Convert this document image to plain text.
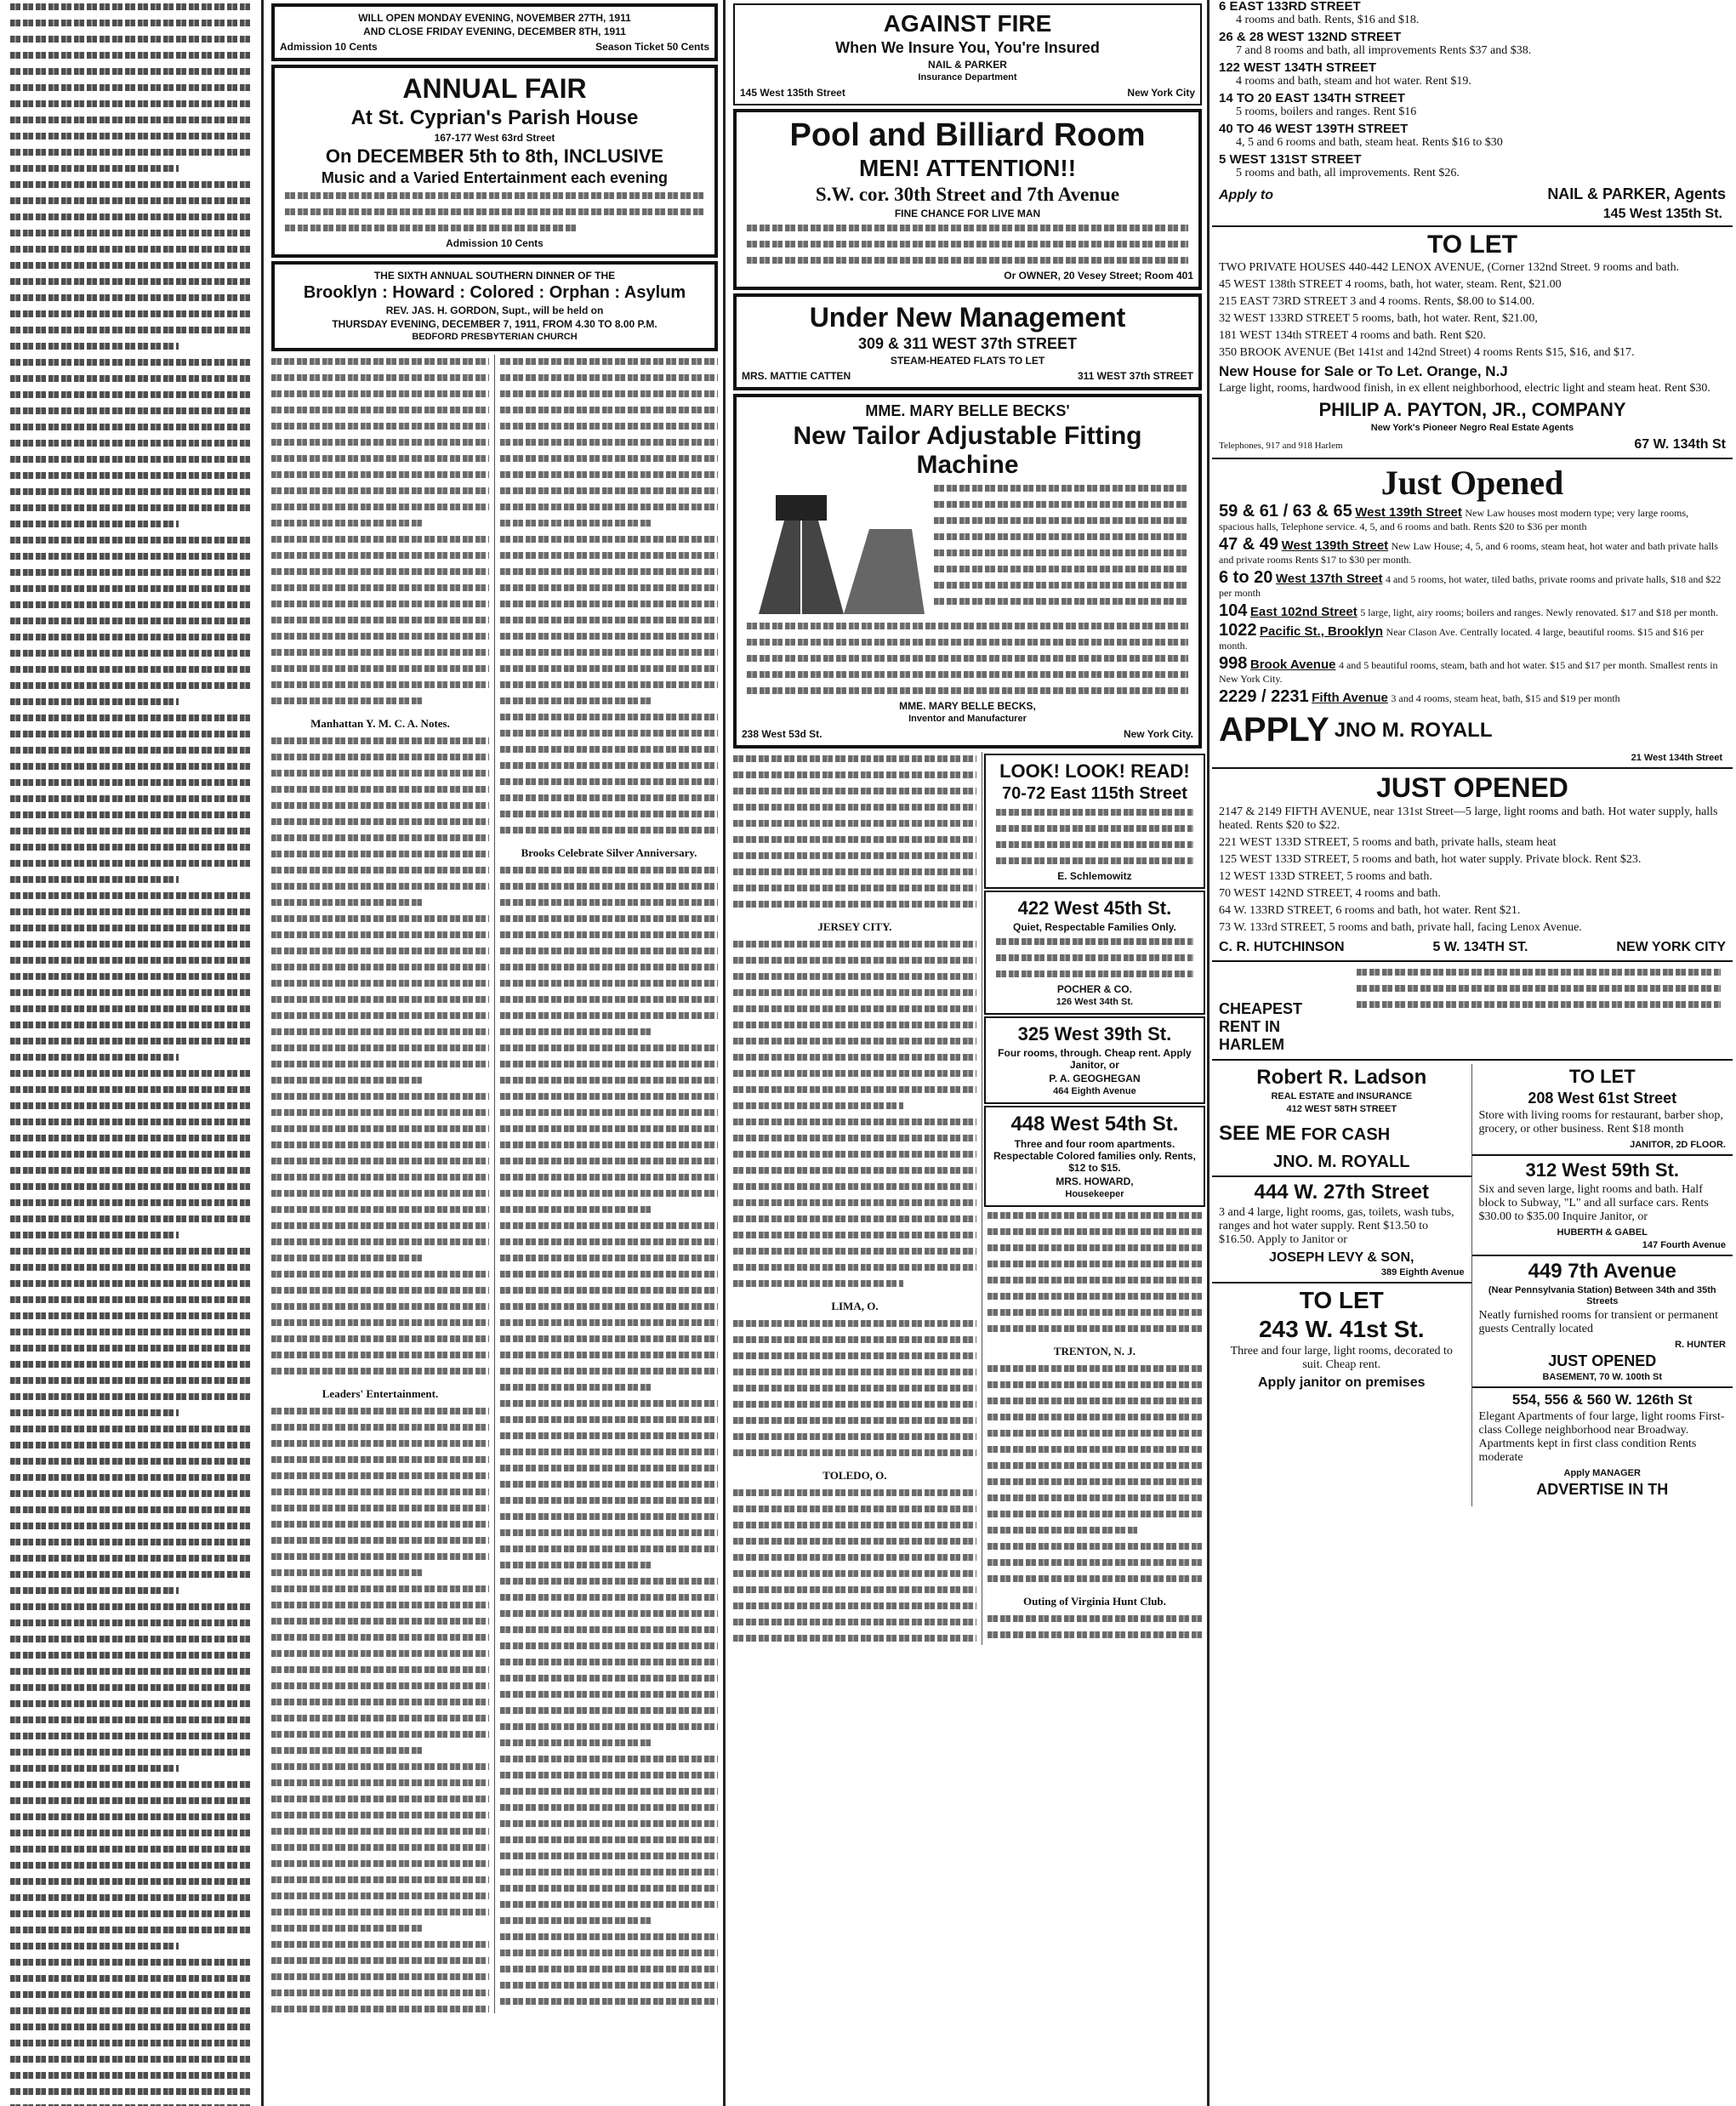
WILL OPEN MONDAY EVENING, NOVEMBER 27TH, 1911
AND CLOSE FRIDAY EVENING, DECEMBER 8TH, 1911
Admission 10 Cents	Season Ticket 50 Cents
ANNUAL FAIR
At St. Cyprian's Parish House
167-177 West 63rd Street
On DECEMBER 5th to 8th, INCLUSIVE
Music and a Varied Entertainment each evening
Admission 10 Cents
THE SIXTH ANNUAL SOUTHERN DINNER OF THE
Brooklyn : Howard : Colored : Orphan : Asylum
REV. JAS. H. GORDON, Supt., will be held on
THURSDAY EVENING, DECEMBER 7, 1911, FROM 4.30 TO 8.00 P.M.
BEDFORD PRESBYTERIAN CHURCH
Manhattan Y. M. C. A. Notes.
Leaders' Entertainment.
Brooks Celebrate Silver Anniversary.
AGAINST FIRE
When We Insure You, You're Insured
NAIL & PARKER
Insurance Department
145 West 135th Street	New York City
Pool and Billiard Room
MEN! ATTENTION!!
S.W. cor. 30th Street and 7th Avenue
FINE CHANCE FOR LIVE MAN
Or OWNER, 20 Vesey Street; Room 401
Under New Management
309 & 311 WEST 37th STREET
STEAM-HEATED FLATS TO LET
MRS. MATTIE CATTEN	311 WEST 37th STREET
MME. MARY BELLE BECKS'
New Tailor Adjustable Fitting Machine
MME. MARY BELLE BECKS,
Inventor and Manufacturer
238 West 53d St.	New York City.
JERSEY CITY.
LIMA, O.
TOLEDO, O.
LOOK! LOOK! READ!
70-72 East 115th Street
E. Schlemowitz
422 West 45th St.
Quiet, Respectable Families Only.
POCHER & CO.
126 West 34th St.
325 West 39th St.
Four rooms, through. Cheap rent. Apply Janitor, or
P. A. GEOGHEGAN
464 Eighth Avenue
448 West 54th St.
Three and four room apartments. Respectable Colored families only. Rents, $12 to $15.
MRS. HOWARD,
Housekeeper
TRENTON, N. J.
Outing of Virginia Hunt Club.
6 EAST 133RD STREET
4 rooms and bath. Rents, $16 and $18.
26 & 28 WEST 132ND STREET
7 and 8 rooms and bath, all improvements Rents $37 and $38.
122 WEST 134TH STREET
4 rooms and bath, steam and hot water. Rent $19.
14 TO 20 EAST 134TH STREET
5 rooms, boilers and ranges. Rent $16
40 TO 46 WEST 139TH STREET
4, 5 and 6 rooms and bath, steam heat. Rents $16 to $30
5 WEST 131ST STREET
5 rooms and bath, all improvements. Rent $26.
Apply to	NAIL & PARKER, Agents
145 West 135th St.
TO LET
TWO PRIVATE HOUSES 440-442 LENOX AVENUE, (Corner 132nd Street. 9 rooms and bath.
45 WEST 138th STREET 4 rooms, bath, hot water, steam. Rent, $21.00
215 EAST 73RD STREET 3 and 4 rooms. Rents, $8.00 to $14.00.
32 WEST 133RD STREET 5 rooms, bath, hot water. Rent, $21.00,
181 WEST 134th STREET 4 rooms and bath. Rent $20.
350 BROOK AVENUE (Bet 141st and 142nd Street) 4 rooms Rents $15, $16, and $17.
New House for Sale or To Let. Orange, N.J
Large light, rooms, hardwood finish, in ex ellent neighborhood, electric light and steam heat. Rent $30.
PHILIP A. PAYTON, JR., COMPANY
New York's Pioneer Negro Real Estate Agents
Telephones, 917 and 918 Harlem	67 W. 134th St
Just Opened
59 & 61 / 63 & 65 West 139th Street New Law houses most modern type; very large rooms, spacious halls, Telephone service. 4, 5, and 6 rooms and bath. Rents $20 to $36 per month
47 & 49 West 139th Street New Law House; 4, 5, and 6 rooms, steam heat, hot water and bath private halls and private rooms Rents $17 to $30 per month.
6 to 20 West 137th Street 4 and 5 rooms, hot water, tiled baths, private rooms and private halls, $18 and $22 per month
104 East 102nd Street 5 large, light, airy rooms; boilers and ranges. Newly renovated. $17 and $18 per month.
1022 Pacific St., Brooklyn Near Clason Ave. Centrally located. 4 large, beautiful rooms. $15 and $16 per month.
998 Brook Avenue 4 and 5 beautiful rooms, steam, bath and hot water. $15 and $17 per month. Smallest rents in New York City.
2229 / 2231 Fifth Avenue 3 and 4 rooms, steam heat, bath, $15 and $19 per month
APPLY JNO M. ROYALL
21 West 134th Street
JUST OPENED
2147 & 2149 FIFTH AVENUE, near 131st Street—5 large, light rooms and bath. Hot water supply, halls heated. Rents $20 to $22.
221 WEST 133D STREET, 5 rooms and bath, private halls, steam heat
125 WEST 133D STREET, 5 rooms and bath, hot water supply. Private block. Rent $23.
12 WEST 133D STREET, 5 rooms and bath.
70 WEST 142ND STREET, 4 rooms and bath.
64 W. 133RD STREET, 6 rooms and bath, hot water. Rent $21.
73 W. 133rd STREET, 5 rooms and bath, private hall, facing Lenox Avenue.
C. R. HUTCHINSON	5 W. 134TH ST.	NEW YORK CITY
CHEAPEST RENT IN HARLEM
Robert R. Ladson
REAL ESTATE and INSURANCE
412 WEST 58TH STREET
SEE ME FOR CASH
JNO. M. ROYALL
444 W. 27th Street
3 and 4 large, light rooms, gas, toilets, wash tubs, ranges and hot water supply. Rent $13.50 to $16.50. Apply to Janitor or
JOSEPH LEVY & SON,
389 Eighth Avenue
TO LET
243 W. 41st St.
Three and four large, light rooms, decorated to suit. Cheap rent.
Apply janitor on premises
TO LET
208 West 61st Street
Store with living rooms for restaurant, barber shop, grocery, or other business. Rent $18 month
JANITOR, 2D FLOOR.
312 West 59th St.
Six and seven large, light rooms and bath. Half block to Subway, "L" and all surface cars. Rents $30.00 to $35.00 Inquire Janitor, or
HUBERTH & GABEL
147 Fourth Avenue
449 7th Avenue
(Near Pennsylvania Station) Between 34th and 35th Streets
Neatly furnished rooms for transient or permanent guests Centrally located
R. HUNTER
JUST OPENED
BASEMENT, 70 W. 100th St
554, 556 & 560 W. 126th St
Elegant Apartments of four large, light rooms First-class College neighborhood near Broadway. Apartments kept in first class condition Rents moderate
Apply MANAGER
ADVERTISE IN TH
